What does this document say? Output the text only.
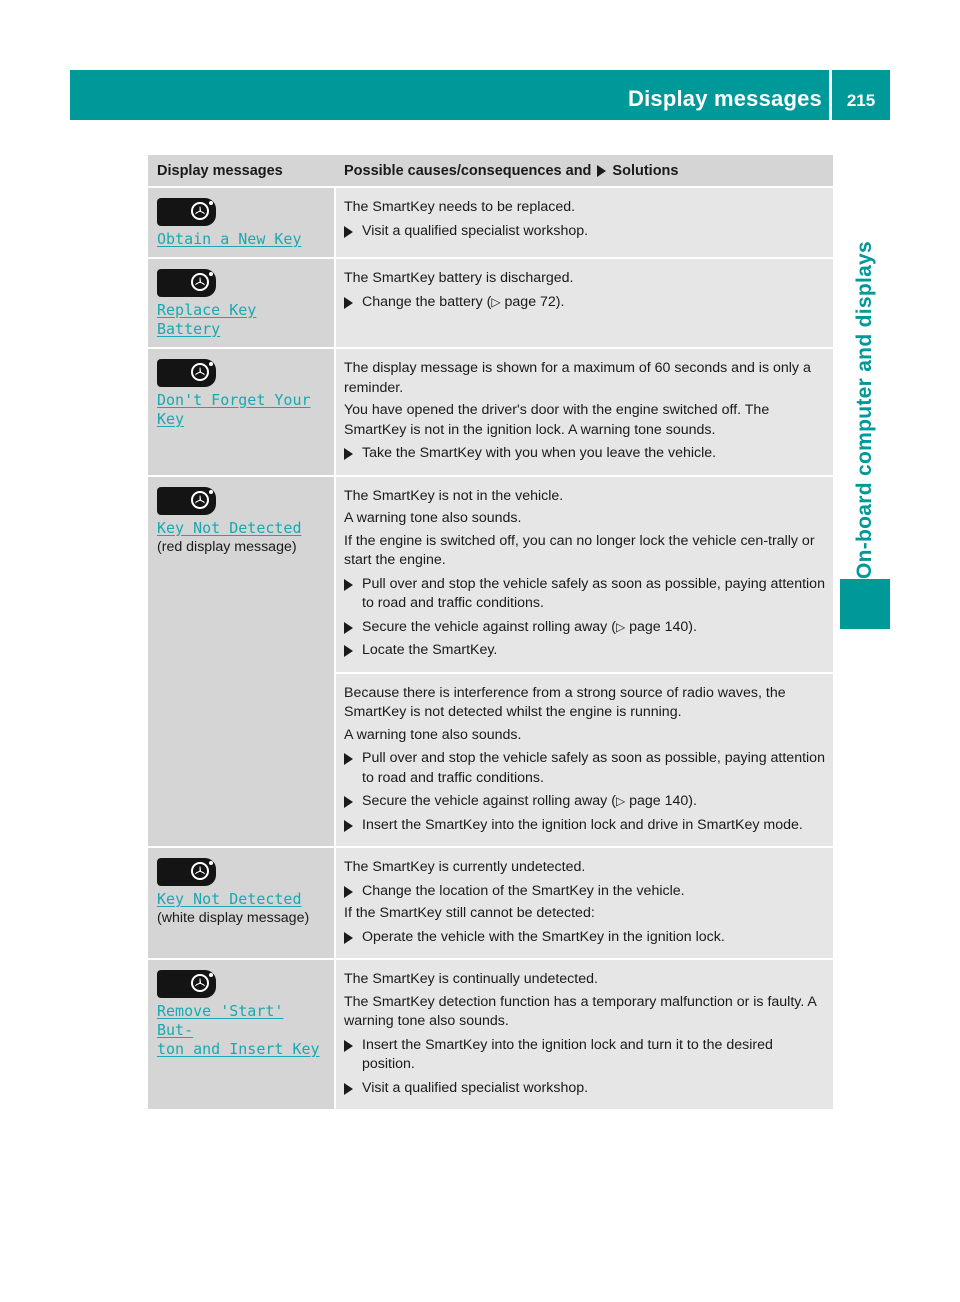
Display messages	215
On-board computer and displays
Display messages	Possible causes/consequences and Solutions
Obtain a New Key

The SmartKey needs to be replaced.

Visit a qualified specialist workshop.
Replace Key Battery

The SmartKey battery is discharged.

Change the battery (▷ page 72).
Don't Forget Your
Key

The display message is shown for a maximum of 60 seconds and is only a reminder.

You have opened the driver's door with the engine switched off. The SmartKey is not in the ignition lock. A warning tone sounds.

Take the SmartKey with you when you leave the vehicle.
Key Not Detected
(red display message)

The SmartKey is not in the vehicle.

A warning tone also sounds.

If the engine is switched off, you can no longer lock the vehicle cen-trally or start the engine.

Pull over and stop the vehicle safely as soon as possible, paying attention to road and traffic conditions.
Secure the vehicle against rolling away (▷ page 140).
Locate the SmartKey.

Because there is interference from a strong source of radio waves, the SmartKey is not detected whilst the engine is running.

A warning tone also sounds.

Pull over and stop the vehicle safely as soon as possible, paying attention to road and traffic conditions.
Secure the vehicle against rolling away (▷ page 140).
Insert the SmartKey into the ignition lock and drive in SmartKey mode.
Key Not Detected
(white display message)

The SmartKey is currently undetected.

Change the location of the SmartKey in the vehicle.

If the SmartKey still cannot be detected:

Operate the vehicle with the SmartKey in the ignition lock.
Remove 'Start' But‑
ton and Insert Key

The SmartKey is continually undetected.

The SmartKey detection function has a temporary malfunction or is faulty. A warning tone also sounds.

Insert the SmartKey into the ignition lock and turn it to the desired position.
Visit a qualified specialist workshop.
